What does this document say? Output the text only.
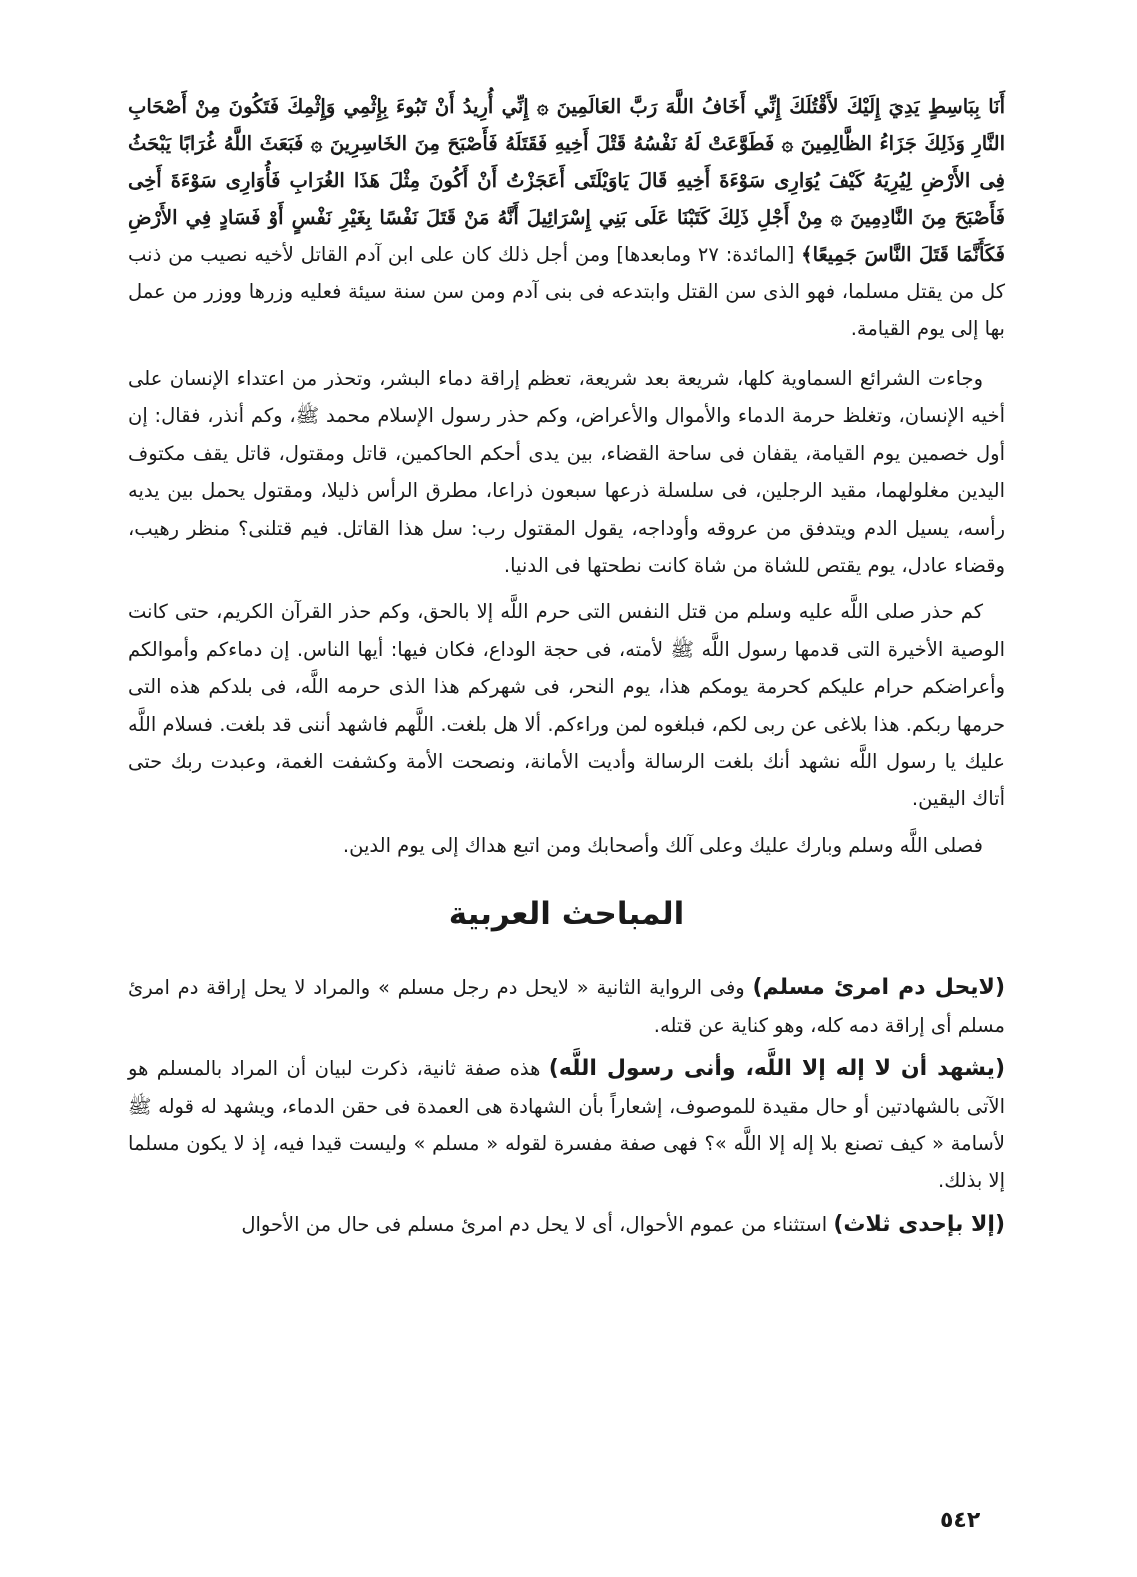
أَنَا بِبَاسِطٍ يَدِيَ إِلَيْكَ لأَقْتُلَكَ إِنِّي أَخَافُ اللَّهَ رَبَّ العَالَمِينَ ۞ إِنِّي أُرِيدُ أَنْ تَبُوءَ بِإِثْمِي وَإِثْمِكَ فَتَكُونَ مِنْ أَصْحَابِ النَّارِ وَذَلِكَ جَزَاءُ الظَّالِمِينَ ۞ فَطَوَّعَتْ لَهُ نَفْسُهُ قَتْلَ أَخِيهِ فَقَتَلَهُ فَأَصْبَحَ مِنَ الخَاسِرِينَ ۞ فَبَعَثَ اللَّهُ غُرَابًا يَبْحَثُ فِى الأَرْضِ لِيُرِيَهُ كَيْفَ يُوَارِى سَوْءَةَ أَخِيهِ قَالَ يَاوَيْلَتَى أَعَجَزْتُ أَنْ أَكُونَ مِثْلَ هَذَا الغُرَابِ فَأُوَارِى سَوْءَةَ أَخِى فَأَصْبَحَ مِنَ النَّادِمِينَ ۞ مِنْ أَجْلِ ذَلِكَ كَتَبْنَا عَلَى بَنِي إِسْرَائِيلَ أَنَّهُ مَنْ قَتَلَ نَفْسًا بِغَيْرِ نَفْسٍ أَوْ فَسَادٍ فِي الأَرْضِ فَكَأَنَّمَا قَتَلَ النَّاسَ جَمِيعًا﴾ [المائدة: ٢٧ ومابعدها] ومن أجل ذلك كان على ابن آدم القاتل لأخيه نصيب من ذنب كل من يقتل مسلما، فهو الذى سن القتل وابتدعه فى بنى آدم ومن سن سنة سيئة فعليه وزرها ووزر من عمل بها إلى يوم القيامة.

وجاءت الشرائع السماوية كلها، شريعة بعد شريعة، تعظم إراقة دماء البشر، وتحذر من اعتداء الإنسان على أخيه الإنسان، وتغلظ حرمة الدماء والأموال والأعراض، وكم حذر رسول الإسلام محمد ﷺ، وكم أنذر، فقال: إن أول خصمين يوم القيامة، يقفان فى ساحة القضاء، بين يدى أحكم الحاكمين، قاتل ومقتول، قاتل يقف مكتوف اليدين مغلولهما، مقيد الرجلين، فى سلسلة ذرعها سبعون ذراعا، مطرق الرأس ذليلا، ومقتول يحمل بين يديه رأسه، يسيل الدم ويتدفق من عروقه وأوداجه، يقول المقتول رب: سل هذا القاتل. فيم قتلنى؟ منظر رهيب، وقضاء عادل، يوم يقتص للشاة من شاة كانت نطحتها فى الدنيا.

كم حذر صلى اللَّه عليه وسلم من قتل النفس التى حرم اللَّه إلا بالحق، وكم حذر القرآن الكريم، حتى كانت الوصية الأخيرة التى قدمها رسول اللَّه ﷺ لأمته، فى حجة الوداع، فكان فيها: أيها الناس. إن دماءكم وأموالكم وأعراضكم حرام عليكم كحرمة يومكم هذا، يوم النحر، فى شهركم هذا الذى حرمه اللَّه، فى بلدكم هذه التى حرمها ربكم. هذا بلاغى عن ربى لكم، فبلغوه لمن وراءكم. ألا هل بلغت. اللَّهم فاشهد أننى قد بلغت. فسلام اللَّه عليك يا رسول اللَّه نشهد أنك بلغت الرسالة وأديت الأمانة، ونصحت الأمة وكشفت الغمة، وعبدت ربك حتى أتاك اليقين.

فصلى اللَّه وسلم وبارك عليك وعلى آلك وأصحابك ومن اتبع هداك إلى يوم الدين.

المباحث العربية

(لايحل دم امرئ مسلم) وفى الرواية الثانية « لايحل دم رجل مسلم » والمراد لا يحل إراقة دم امرئ مسلم أى إراقة دمه كله، وهو كناية عن قتله.

(يشهد أن لا إله إلا اللَّه، وأنى رسول اللَّه) هذه صفة ثانية، ذكرت لبيان أن المراد بالمسلم هو الآتى بالشهادتين أو حال مقيدة للموصوف، إشعاراً بأن الشهادة هى العمدة فى حقن الدماء، ويشهد له قوله ﷺ لأسامة « كيف تصنع بلا إله إلا اللَّه »؟ فهى صفة مفسرة لقوله « مسلم » وليست قيدا فيه، إذ لا يكون مسلما إلا بذلك.

(إلا بإحدى ثلاث) استثناء من عموم الأحوال، أى لا يحل دم امرئ مسلم فى حال من الأحوال

٥٤٢
